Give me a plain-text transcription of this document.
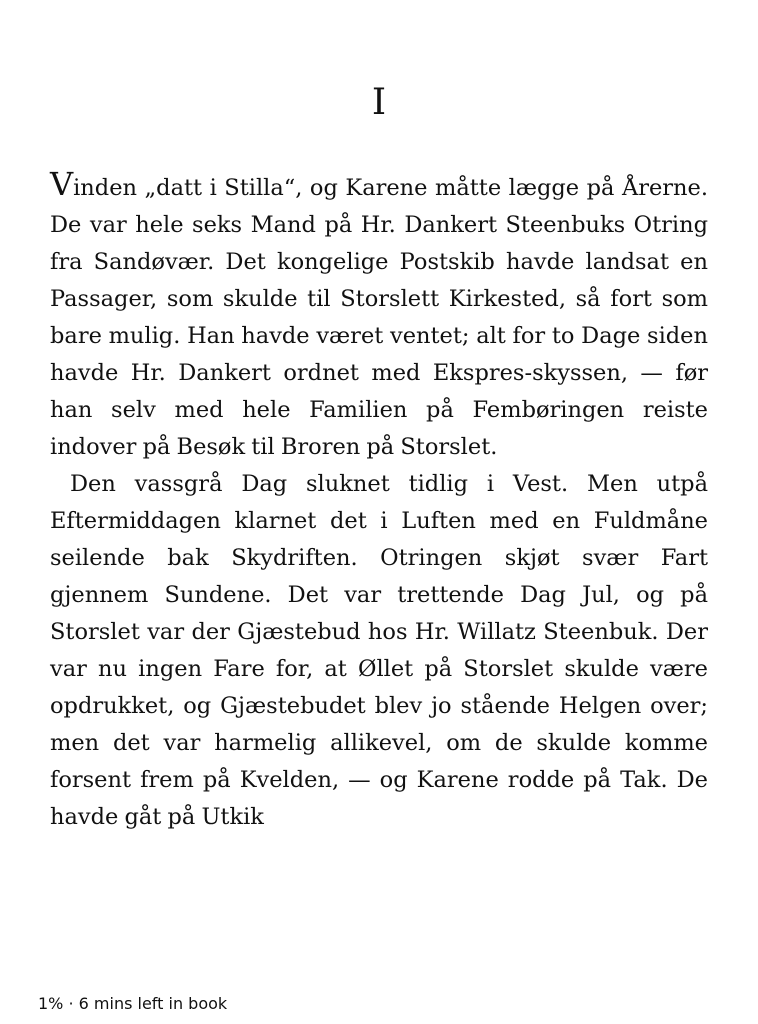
I

Vinden „datt i Stilla“, og Karene måtte lægge på Årerne. De var hele seks Mand på Hr. Dankert Steenbuks Otring fra Sandøvær. Det kongelige Postskib havde landsat en Passager, som skulde til Storslett Kirkested, så fort som bare mulig. Han havde været ventet; alt for to Dage siden havde Hr. Dankert ordnet med Ekspres-skyssen, — før han selv med hele Familien på Fembøringen reiste indover på Besøk til Broren på Storslet.

Den vassgrå Dag sluknet tidlig i Vest. Men utpå Eftermiddagen klarnet det i Luften med en Fuldmåne seilende bak Skydriften. Otringen skjøt svær Fart gjennem Sundene. Det var trettende Dag Jul, og på Storslet var der Gjæstebud hos Hr. Willatz Steenbuk. Der var nu ingen Fare for, at Øllet på Storslet skulde være opdrukket, og Gjæstebudet blev jo stående Helgen over; men det var harmelig allikevel, om de skulde komme forsent frem på Kvelden, — og Karene rodde på Tak. De havde gåt på Utkik

1% · 6 mins left in book
